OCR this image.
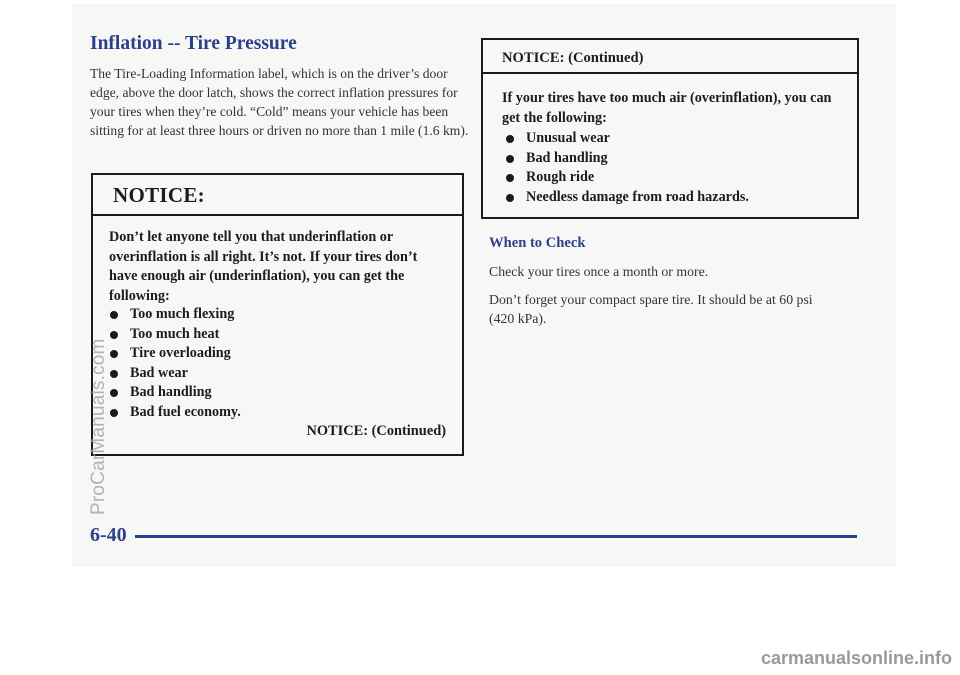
Inflation -- Tire Pressure

The Tire-Loading Information label, which is on the driver’s door edge, above the door latch, shows the correct inflation pressures for your tires when they’re cold. “Cold” means your vehicle has been sitting for at least three hours or driven no more than 1 mile (1.6 km).

NOTICE:

Don’t let anyone tell you that underinflation or overinflation is all right. It’s not. If your tires don’t have enough air (underinflation), you can get the following:

Too much flexing
Too much heat
Tire overloading
Bad wear
Bad handling
Bad fuel economy.
NOTICE: (Continued)
ProCarManuals.com
NOTICE: (Continued)

If your tires have too much air (overinflation), you can get the following:

Unusual wear
Bad handling
Rough ride
Needless damage from road hazards.
When to Check

Check your tires once a month or more.

Don’t forget your compact spare tire. It should be at 60 psi (420 kPa).

6-40

carmanualsonline.info
